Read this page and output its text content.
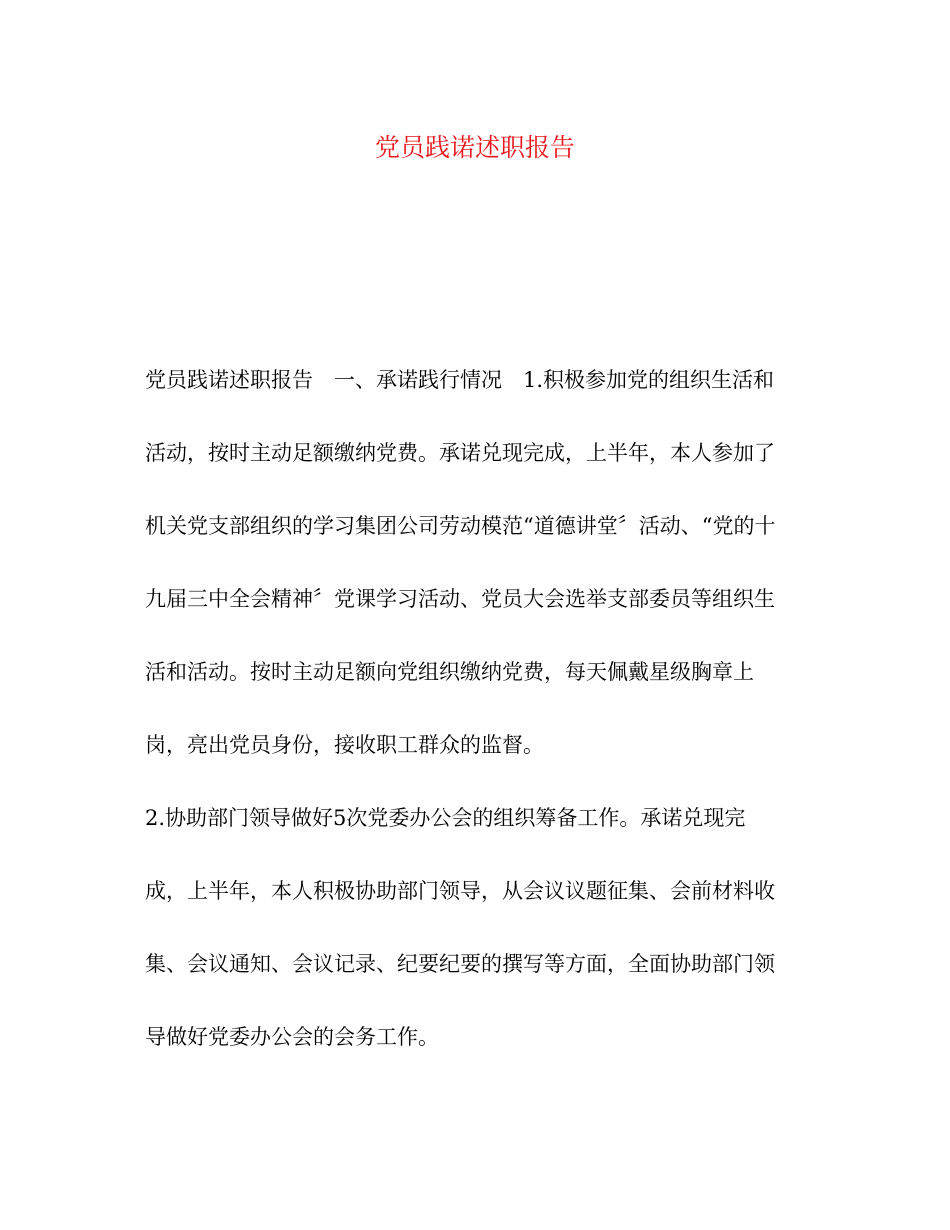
党员践诺述职报告
党员践诺述职报告　一、承诺践行情况　1.积极参加党的组织生活和
活动，按时主动足额缴纳党费。承诺兑现完成，上半年，本人参加了
机关党支部组织的学习集团公司劳动模范“道德讲堂〞活动、“党的十
九届三中全会精神〞党课学习活动、党员大会选举支部委员等组织生
活和活动。按时主动足额向党组织缴纳党费，每天佩戴星级胸章上
岗，亮出党员身份，接收职工群众的监督。
2.协助部门领导做好5次党委办公会的组织筹备工作。承诺兑现完
成，上半年，本人积极协助部门领导，从会议议题征集、会前材料收
集、会议通知、会议记录、纪要纪要的撰写等方面，全面协助部门领
导做好党委办公会的会务工作。
